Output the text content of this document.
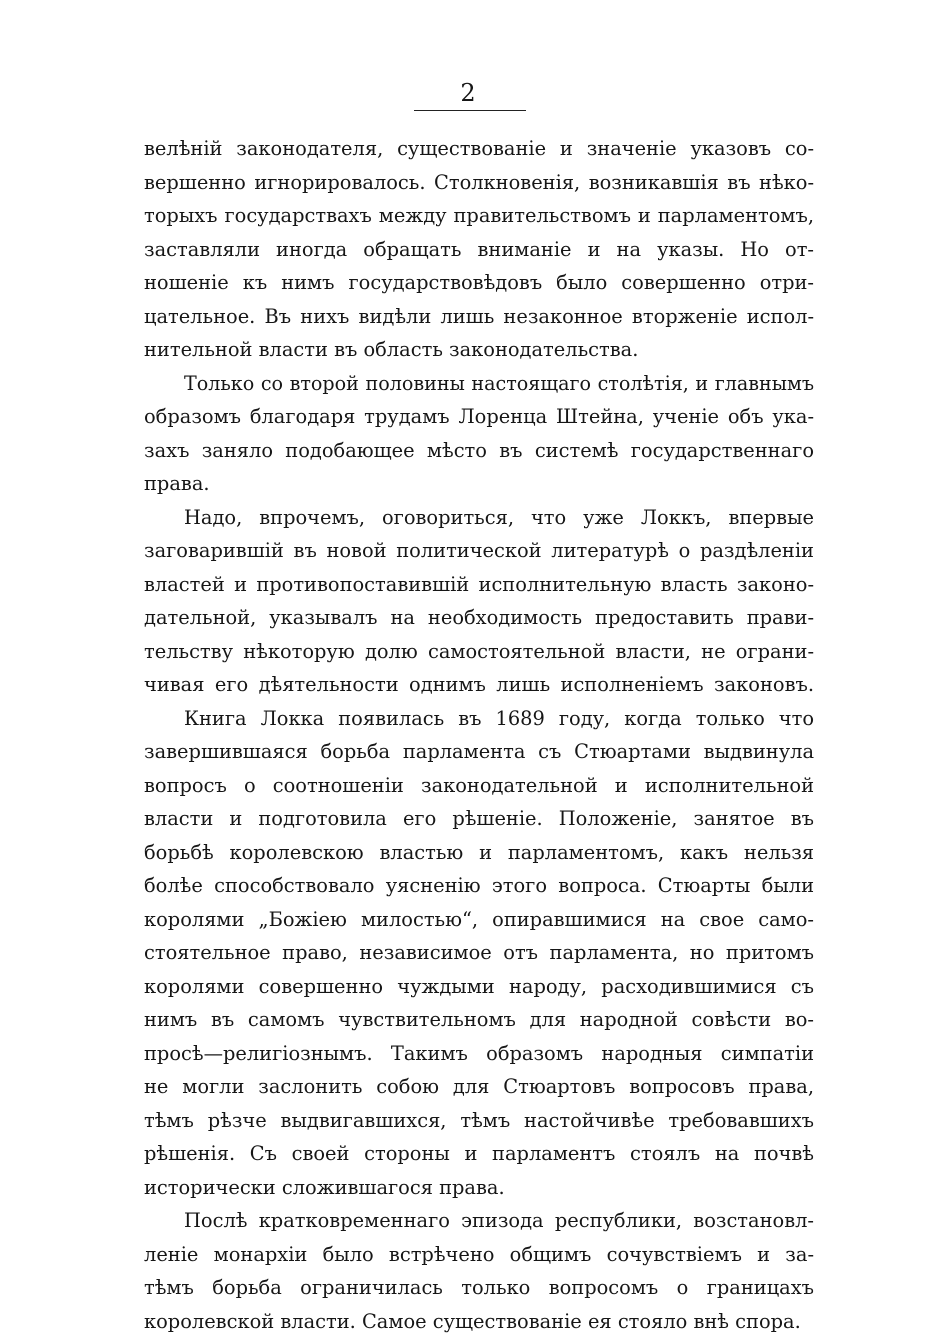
2
велѣній законодателя, существованіе и значеніе указовъ со-
вершенно игнорировалось. Столкновенія, возникавшія въ нѣко-
торыхъ государствахъ между правительствомъ и парламентомъ,
заставляли иногда обращать вниманіе и на указы. Но от-
ношеніе къ нимъ государствовѣдовъ было совершенно отри-
цательное. Въ нихъ видѣли лишь незаконное вторженіе испол-
нительной власти въ область законодательства.
Только со второй половины настоящаго столѣтія, и главнымъ
образомъ благодаря трудамъ Лоренца Штейна, ученіе объ ука-
захъ заняло подобающее мѣсто въ системѣ государственнаго
права.
Надо, впрочемъ, оговориться, что уже Локкъ, впервые
заговарившій въ новой политической литературѣ о раздѣленіи
властей и противопоставившій исполнительную власть законо-
дательной, указывалъ на необходимость предоставить прави-
тельству нѣкоторую долю самостоятельной власти, не ограни-
чивая его дѣятельности однимъ лишь исполненіемъ законовъ.
Книга Локка появилась въ 1689 году, когда только что
завершившаяся борьба парламента съ Стюартами выдвинула
вопросъ о соотношеніи законодательной и исполнительной
власти и подготовила его рѣшеніе. Положеніе, занятое въ
борьбѣ королевскою властью и парламентомъ, какъ нельзя
болѣе способствовало уясненію этого вопроса. Стюарты были
королями „Божіею милостью“, опиравшимися на свое само-
стоятельное право, независимое отъ парламента, но притомъ
королями совершенно чуждыми народу, расходившимися съ
нимъ въ самомъ чувствительномъ для народной совѣсти во-
просѣ—религіознымъ. Такимъ образомъ народныя симпатіи
не могли заслонить собою для Стюартовъ вопросовъ права,
тѣмъ рѣзче выдвигавшихся, тѣмъ настойчивѣе требовавшихъ
рѣшенія. Съ своей стороны и парламентъ стоялъ на почвѣ
исторически сложившагося права.
Послѣ кратковременнаго эпизода республики, возстановл-
леніе монархіи было встрѣчено общимъ сочувствіемъ и за-
тѣмъ борьба ограничилась только вопросомъ о границахъ
королевской власти. Самое существованіе ея стояло внѣ спора.
